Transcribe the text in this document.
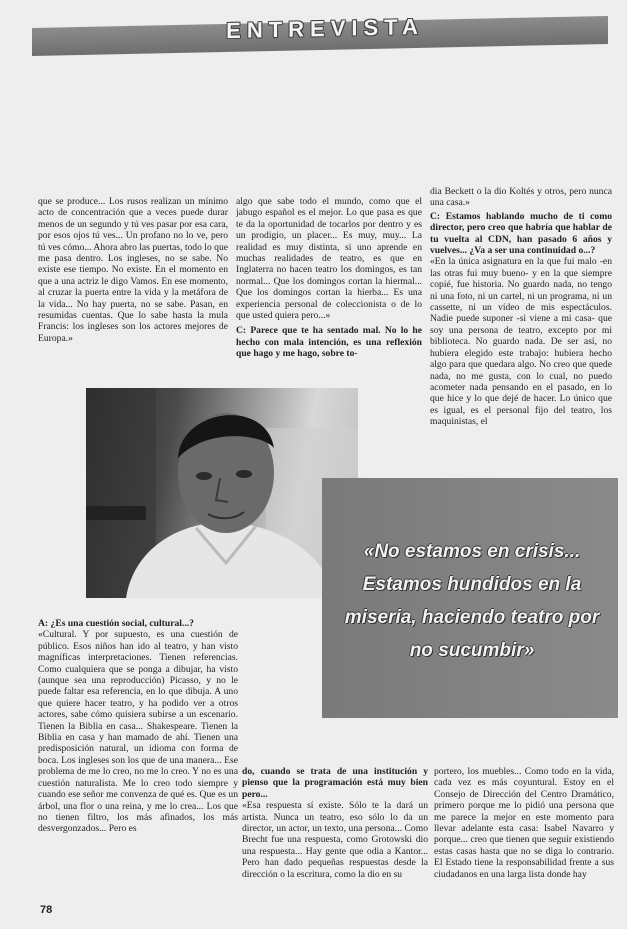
ENTREVISTA

que se produce... Los rusos realizan un mínimo acto de concentración que a veces puede durar menos de un segundo y tú ves pasar por esa cara, por esos ojos tú ves... Un profano no lo ve, pero tú ves cómo... Ahora abro las puertas, todo lo que me pasa dentro. Los ingleses, no se sabe. No existe ese tiempo. No existe. En el momento en que a una actriz le digo Vamos. En ese momento, al cruzar la puerta entre la vida y la metáfora de la vida... No hay puerta, no se sabe. Pasan, en resumidas cuentas. Que lo sabe hasta la mula Francis: los ingleses son los actores mejores de Europa.»

algo que sabe todo el mundo, como que el jabugo español es el mejor. Lo que pasa es que te da la oportunidad de tocarlos por dentro y es un prodigio, un placer... Es muy, muy... La realidad es muy distinta, si uno aprende en muchas realidades de teatro, es que en Inglaterra no hacen teatro los domingos, es tan normal... Que los domingos cortan la hiermal... Que los domingos cortan la hierba... Es una experiencia personal de coleccionista o de lo que usted quiera pero...»

C: Parece que te ha sentado mal. No lo he hecho con mala intención, es una reflexión que hago y me hago, sobre to-

dia Beckett o la dio Koltés y otros, pero nunca una casa.»

C: Estamos hablando mucho de ti como director, pero creo que habría que hablar de tu vuelta al CDN, han pasado 6 años y vuelves... ¿Va a ser una continuidad o...?

«En la única asignatura en la que fui malo -en las otras fui muy bueno- y en la que siempre copié, fue historia. No guardo nada, no tengo ni una foto, ni un cartel, ni un programa, ni un cassette, ni un vídeo de mis espectáculos. Nadie puede suponer -si viene a mi casa- que soy una persona de teatro, excepto por mi biblioteca. No guardo nada. De ser así, no hubiera elegido este trabajo: hubiera hecho algo para que quedara algo. No creo que quede nada, no me gusta, con lo cual, no puedo acometer nada pensando en el pasado, en lo que hice y lo que dejé de hacer. Lo único que es igual, es el personal fijo del teatro, los maquinistas, el

«No estamos en crisis... Estamos hundidos en la miseria, haciendo teatro por no sucumbir»

A: ¿Es una cuestión social, cultural...?

«Cultural. Y por supuesto, es una cuestión de público. Esos niños han ido al teatro, y han visto magníficas interpretaciones. Tienen referencias. Como cualquiera que se ponga a dibujar, ha visto (aunque sea una reproducción) Picasso, y no le puede faltar esa referencia, en lo que dibuja. A uno que quiere hacer teatro, y ha podido ver a otros actores, sabe cómo quisiera subirse a un escenario. Tienen la Biblia en casa... Shakespeare. Tienen la Biblia en casa y han mamado de ahí. Tienen una predisposición natural, un idioma con forma de boca. Los ingleses son los que de una manera... Ese problema de me lo creo, no me lo creo. Y no es una cuestión naturalista. Me lo creo todo siempre y cuando ese señor me convenza de qué es. Que es un árbol, una flor o una reina, y me lo crea... Los que no tienen filtro, los más afinados, los más desvergonzados... Pero es

do, cuando se trata de una institución y pienso que la programación está muy bien pero...

«Esa respuesta sí existe. Sólo te la dará un artista. Nunca un teatro, eso sólo lo da un director, un actor, un texto, una persona... Como Brecht fue una respuesta, como Grotowski dio una respuesta... Hay gente que odia a Kantor... Pero han dado pequeñas respuestas desde la dirección o la escritura, como la dio en su

portero, los muebles... Como todo en la vida, cada vez es más coyuntural. Estoy en el Consejo de Dirección del Centro Dramático, primero porque me lo pidió una persona que me parece la mejor en este momento para llevar adelante esta casa: Isabel Navarro y porque... creo que tienen que seguir existiendo estas casas hasta que no se diga lo contrario. El Estado tiene la responsabilidad frente a sus ciudadanos en una larga lista donde hay

78
